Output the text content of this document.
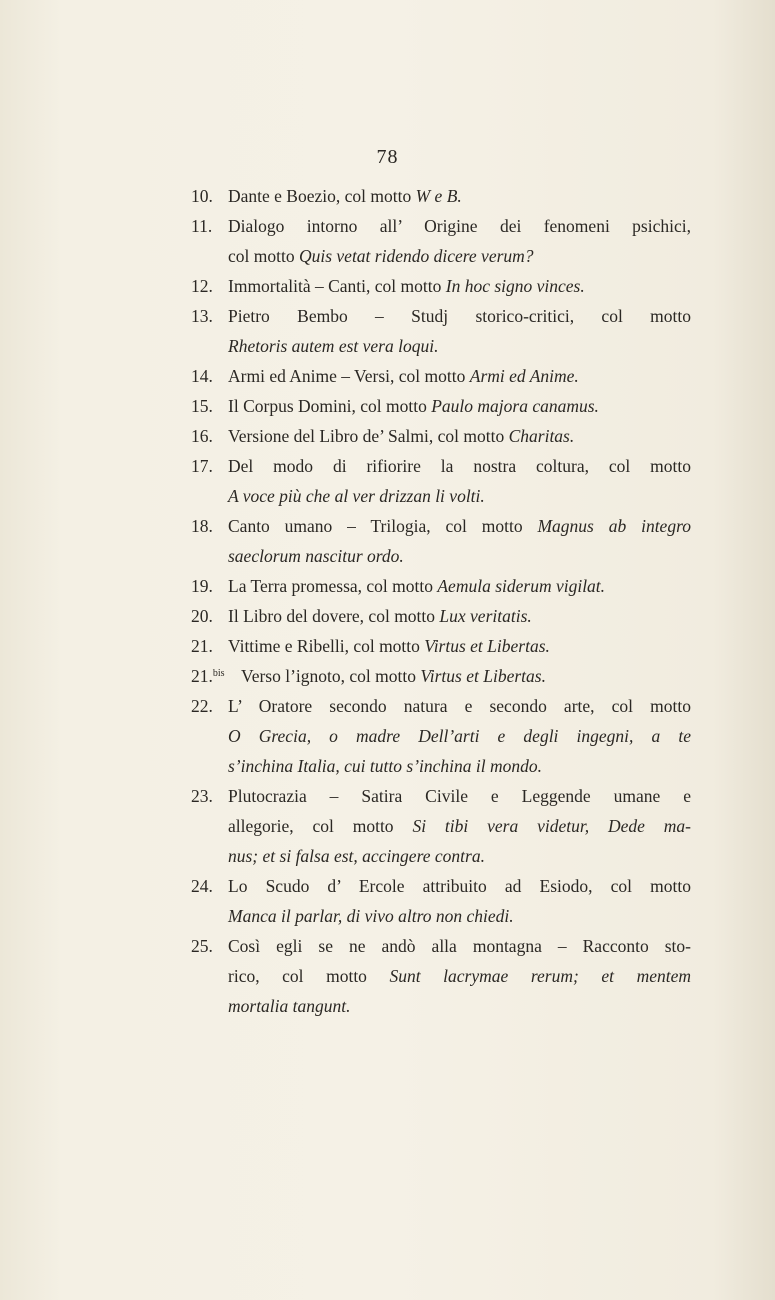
78
10. Dante e Boezio, col motto W e B.
11. Dialogo intorno all’ Origine dei fenomeni psichici,
col motto Quis vetat ridendo dicere verum?
12. Immortalità – Canti, col motto In hoc signo vinces.
13. Pietro Bembo – Studj storico-critici, col motto
Rhetoris autem est vera loqui.
14. Armi ed Anime – Versi, col motto Armi ed Anime.
15. Il Corpus Domini, col motto Paulo majora canamus.
16. Versione del Libro de’ Salmi, col motto Charitas.
17. Del modo di rifiorire la nostra coltura, col motto
A voce più che al ver drizzan li volti.
18. Canto umano – Trilogia, col motto Magnus ab integro
saeclorum nascitur ordo.
19. La Terra promessa, col motto Aemula siderum vigilat.
20. Il Libro del dovere, col motto Lux veritatis.
21. Vittime e Ribelli, col motto Virtus et Libertas.
21.$^{bis}$ Verso l’ignoto, col motto Virtus et Libertas.
22. L’ Oratore secondo natura e secondo arte, col motto
O Grecia, o madre Dell’arti e degli ingegni, a te
s’inchina Italia, cui tutto s’inchina il mondo.
23. Plutocrazia – Satira Civile e Leggende umane e
allegorie, col motto Si tibi vera videtur, Dede ma-
nus; et si falsa est, accingere contra.
24. Lo Scudo d’ Ercole attribuito ad Esiodo, col motto
Manca il parlar, di vivo altro non chiedi.
25. Così egli se ne andò alla montagna – Racconto sto-
rico, col motto Sunt lacrymae rerum; et mentem
mortalia tangunt.
